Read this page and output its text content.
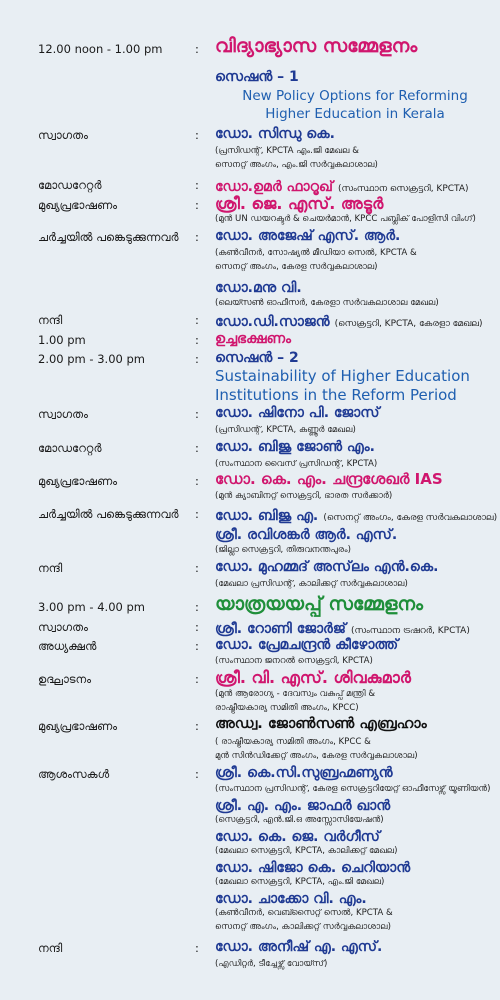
12.00 noon - 1.00 pm	: വിദ്യാഭ്യാസ സമ്മേളനം
സെഷൻ – 1
New Policy Options for Reforming
Higher Education in Kerala
സ്വാഗതം	: ഡോ. സിന്ധു കെ.
(പ്രസിഡന്റ്, KPCTA എം.ജി മേഖല &
സെനറ്റ് അംഗം, എം.ജി സർവ്വകലാശാല)
മോഡറേറ്റർ	: ഡോ.ഉമർ ഫാറൂഖ് (സംസ്ഥാന സെക്രട്ടറി, KPCTA)
മുഖ്യപ്രഭാഷണം	: ശ്രീ. ജെ. എസ്. അടൂർ
(മുൻ UN ഡയറക്ടർ & ചെയർമാൻ, KPCC പബ്ലിക് പോളിസി വിംഗ്)
ചർച്ചയിൽ പങ്കെടുക്കുന്നവർ : ഡോ. അജേഷ് എസ്. ആർ.
(കൺവീനർ, സോഷ്യൽ മീഡിയാ സെൽ, KPCTA &
സെനറ്റ് അംഗം, കേരള സർവ്വകലാശാല)
ഡോ.മനു വി.
(ലെയ്സൺ ഓഫീസർ, കേരളാ സർവകലാശാല മേഖല)
നന്ദി	: ഡോ.ഡി.സാജൻ (സെക്രട്ടറി, KPCTA, കേരളാ മേഖല)
1.00 pm	: ഉച്ചഭക്ഷണം
2.00 pm - 3.00 pm	: സെഷൻ – 2
Sustainability of Higher Education
Institutions in the Reform Period
സ്വാഗതം	: ഡോ. ഷിനോ പി. ജോസ്
(പ്രസിഡന്റ്, KPCTA, കണ്ണൂർ മേഖല)
മോഡറേറ്റർ	: ഡോ. ബിജു ജോൺ എം.
(സംസ്ഥാന വൈസ് പ്രസിഡന്റ്, KPCTA)
മുഖ്യപ്രഭാഷണം	: ഡോ. കെ. എം. ചന്ദ്രശേഖർ IAS
(മുൻ ക്യാബിനറ്റ് സെക്രട്ടറി, ഭാരത സർക്കാർ)
ചർച്ചയിൽ പങ്കെടുക്കുന്നവർ : ഡോ. ബിജു എ. (സെനറ്റ് അംഗം, കേരള സർവകലാശാല)
ശ്രീ. രവിശങ്കർ ആർ. എസ്.
(ജില്ലാ സെക്രട്ടറി, തിരുവനന്തപുരം)
നന്ദി	: ഡോ. മുഹമ്മദ് അസ്‌ലം എൻ.കെ.
(മേഖലാ പ്രസിഡന്റ്, കാലിക്കറ്റ് സർവ്വകലാശാല)
3.00 pm - 4.00 pm	: യാത്രയയപ്പ് സമ്മേളനം
സ്വാഗതം	: ശ്രീ. റോണി ജോർജ് (സംസ്ഥാന ട്രഷറർ, KPCTA)
അധ്യക്ഷൻ	: ഡോ. പ്രേമചന്ദ്രൻ കീഴോത്ത്
(സംസ്ഥാന ജനറൽ സെക്രട്ടറി, KPCTA)
ഉദ്ഘാടനം	: ശ്രീ. വി. എസ്. ശിവകുമാർ
(മുൻ ആരോഗ്യ - ദേവസ്വം വകുപ്പ് മന്ത്രി &
രാഷ്ട്രീയകാര്യ സമിതി അംഗം, KPCC)
മുഖ്യപ്രഭാഷണം	: അഡ്വ. ജോൺസൺ എബ്രഹാം
( രാഷ്ട്രീയകാര്യ സമിതി അംഗം, KPCC &
മുൻ സിൻഡിക്കേറ്റ് അംഗം, കേരള സർവ്വകലാശാല)
ആശംസകൾ	: ശ്രീ. കെ.സി.സുബ്രഹ്മണ്യൻ
(സംസ്ഥാന പ്രസിഡന്റ്, കേരള സെക്രട്ടറിയേറ്റ് ഓഫീസേഴ്സ് യൂണിയൻ)
ശ്രീ. എ. എം. ജാഫർ ഖാൻ
(സെക്രട്ടറി, എൻ.ജി.ഒ അസ്സോസിയേഷൻ)
ഡോ. കെ. ജെ. വർഗീസ്
(മേഖലാ സെക്രട്ടറി, KPCTA, കാലിക്കറ്റ് മേഖല)
ഡോ. ഷിജോ കെ. ചെറിയാൻ
(മേഖലാ സെക്രട്ടറി, KPCTA, എം.ജി മേഖല)
ഡോ. ചാക്കോ വി. എം.
(കൺവീനർ, വെബ്സൈറ്റ് സെൽ, KPCTA &
സെനറ്റ് അംഗം, കാലിക്കറ്റ് സർവ്വകലാശാല)
നന്ദി	: ഡോ. അനീഷ് എ. എസ്.
(എഡിറ്റർ, ടീച്ചേഴ്സ് വോയ്സ്)
